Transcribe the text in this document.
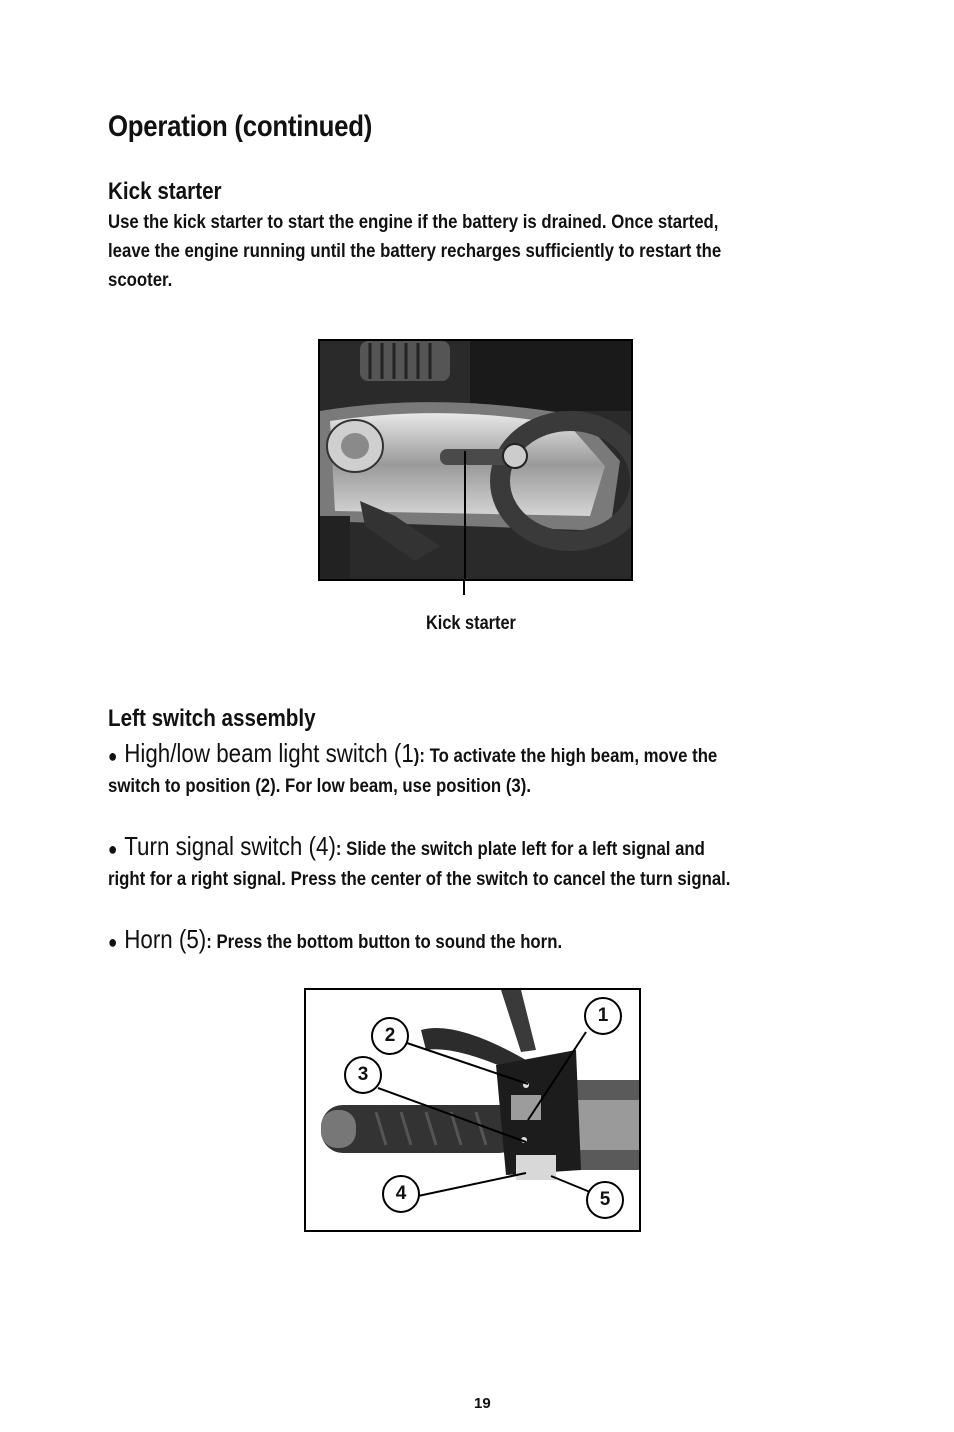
Operation (continued)
Kick starter
Use the kick starter to start the engine if the battery is drained. Once started,
leave the engine running until the battery recharges sufficiently to restart the
scooter.
Kick starter
Left switch assembly
● High/low beam light switch (1): To activate the high beam, move the
switch to position (2). For low beam, use position (3).
● Turn signal switch (4): Slide the switch plate left for a left signal and
right for a right signal. Press the center of the switch to cancel the turn signal.
● Horn (5): Press the bottom button to sound the horn.
1
2
3
4	5
19
